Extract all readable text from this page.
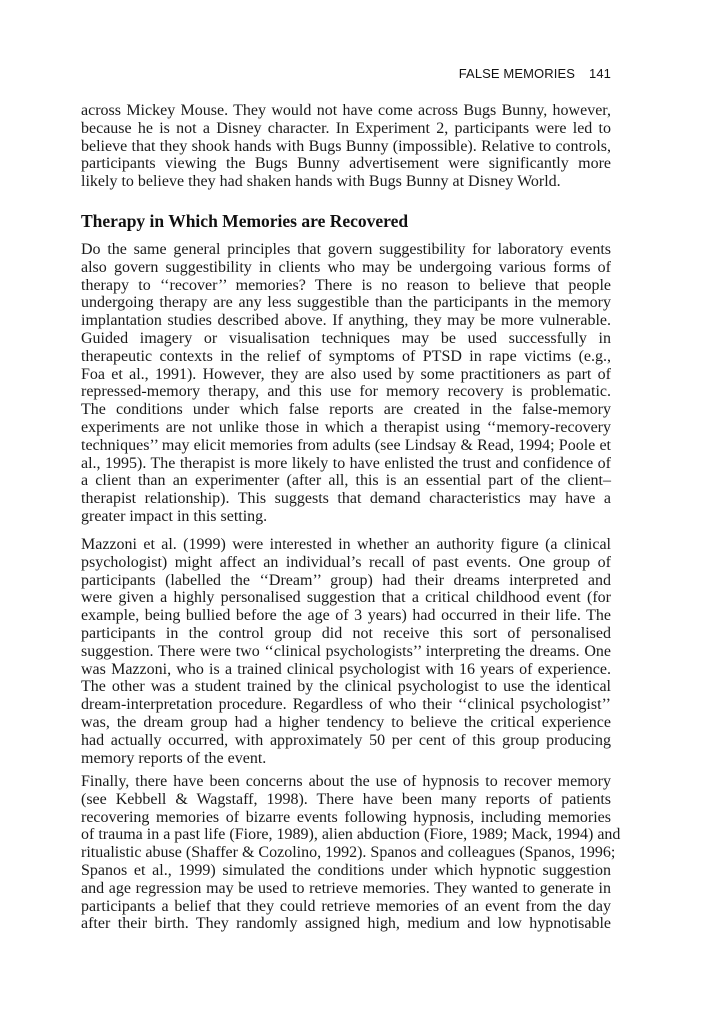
FALSE MEMORIES 141
across Mickey Mouse. They would not have come across Bugs Bunny, however,
because he is not a Disney character. In Experiment 2, participants were led to
believe that they shook hands with Bugs Bunny (impossible). Relative to controls,
participants viewing the Bugs Bunny advertisement were significantly more
likely to believe they had shaken hands with Bugs Bunny at Disney World.
Therapy in Which Memories are Recovered
Do the same general principles that govern suggestibility for laboratory events
also govern suggestibility in clients who may be undergoing various forms of
therapy to ‘‘recover’’ memories? There is no reason to believe that people
undergoing therapy are any less suggestible than the participants in the memory
implantation studies described above. If anything, they may be more vulnerable.
Guided imagery or visualisation techniques may be used successfully in
therapeutic contexts in the relief of symptoms of PTSD in rape victims (e.g.,
Foa et al., 1991). However, they are also used by some practitioners as part of
repressed-memory therapy, and this use for memory recovery is problematic.
The conditions under which false reports are created in the false-memory
experiments are not unlike those in which a therapist using ‘‘memory-recovery
techniques’’ may elicit memories from adults (see Lindsay & Read, 1994; Poole et
al., 1995). The therapist is more likely to have enlisted the trust and confidence of
a client than an experimenter (after all, this is an essential part of the client–
therapist relationship). This suggests that demand characteristics may have a
greater impact in this setting.
Mazzoni et al. (1999) were interested in whether an authority figure (a clinical
psychologist) might affect an individual’s recall of past events. One group of
participants (labelled the ‘‘Dream’’ group) had their dreams interpreted and
were given a highly personalised suggestion that a critical childhood event (for
example, being bullied before the age of 3 years) had occurred in their life. The
participants in the control group did not receive this sort of personalised
suggestion. There were two ‘‘clinical psychologists’’ interpreting the dreams. One
was Mazzoni, who is a trained clinical psychologist with 16 years of experience.
The other was a student trained by the clinical psychologist to use the identical
dream-interpretation procedure. Regardless of who their ‘‘clinical psychologist’’
was, the dream group had a higher tendency to believe the critical experience
had actually occurred, with approximately 50 per cent of this group producing
memory reports of the event.
Finally, there have been concerns about the use of hypnosis to recover memory
(see Kebbell & Wagstaff, 1998). There have been many reports of patients
recovering memories of bizarre events following hypnosis, including memories
of trauma in a past life (Fiore, 1989), alien abduction (Fiore, 1989; Mack, 1994) and
ritualistic abuse (Shaffer & Cozolino, 1992). Spanos and colleagues (Spanos, 1996;
Spanos et al., 1999) simulated the conditions under which hypnotic suggestion
and age regression may be used to retrieve memories. They wanted to generate in
participants a belief that they could retrieve memories of an event from the day
after their birth. They randomly assigned high, medium and low hypnotisable
